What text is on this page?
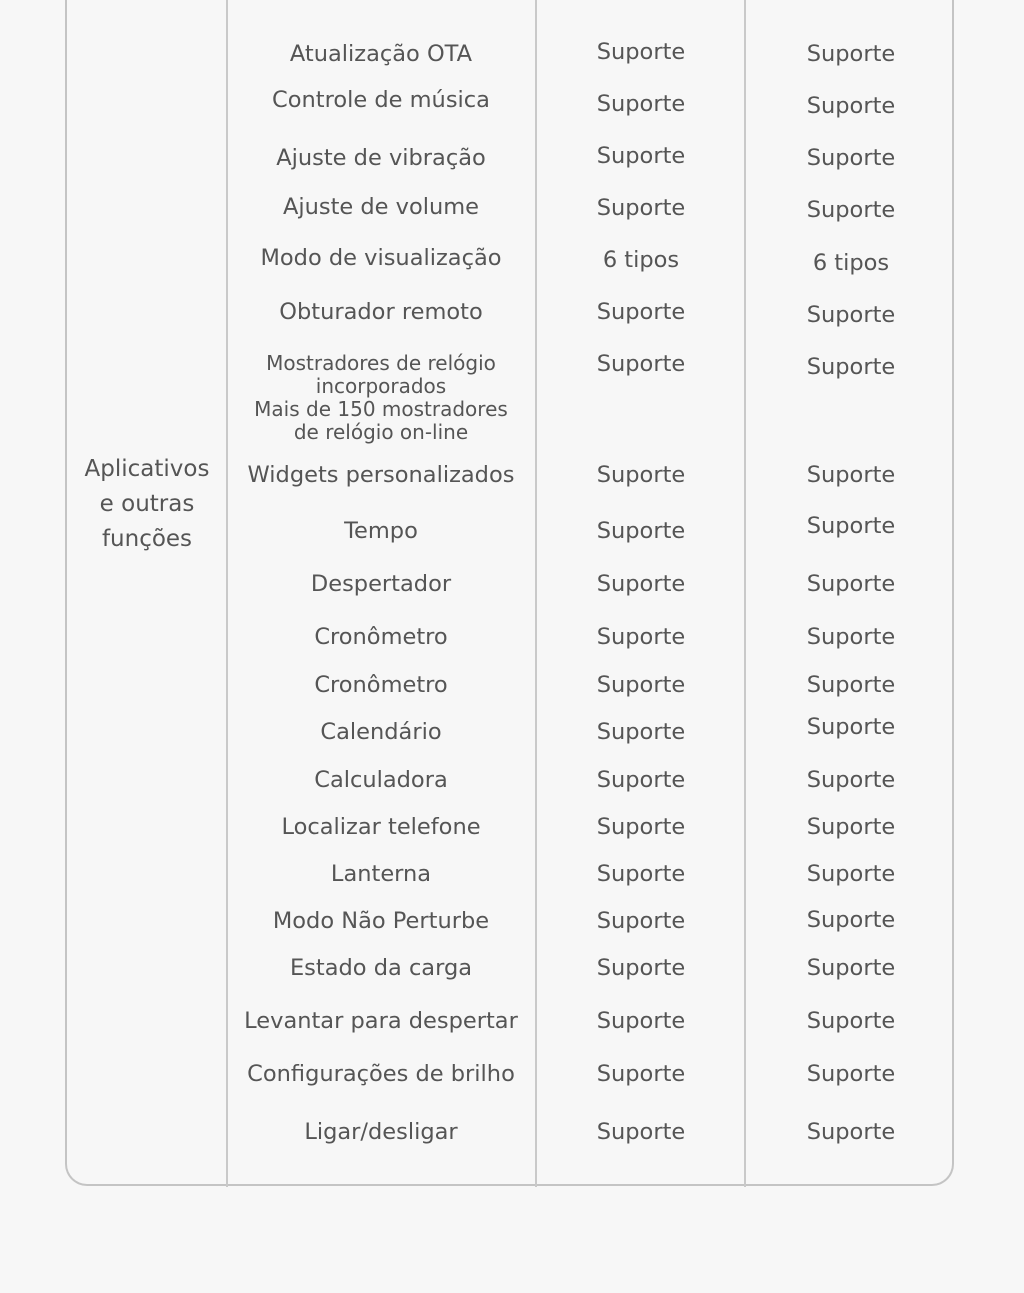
Aplicativos
e outras
funções
Atualização OTA	Suporte	Suporte
Controle de música	Suporte	Suporte
Ajuste de vibração	Suporte	Suporte
Ajuste de volume	Suporte	Suporte
Modo de visualização	6 tipos	6 tipos
Obturador remoto	Suporte	Suporte
Mostradores de relógio
incorporados
Mais de 150 mostradores
de relógio on-line
Suporte	Suporte
Widgets personalizados	Suporte	Suporte
Tempo	Suporte	Suporte
Despertador	Suporte	Suporte
Cronômetro	Suporte	Suporte
Cronômetro	Suporte	Suporte
Calendário	Suporte	Suporte
Calculadora	Suporte	Suporte
Localizar telefone	Suporte	Suporte
Lanterna	Suporte	Suporte
Modo Não Perturbe	Suporte	Suporte
Estado da carga	Suporte	Suporte
Levantar para despertar	Suporte	Suporte
Configurações de brilho	Suporte	Suporte
Ligar/desligar	Suporte	Suporte
